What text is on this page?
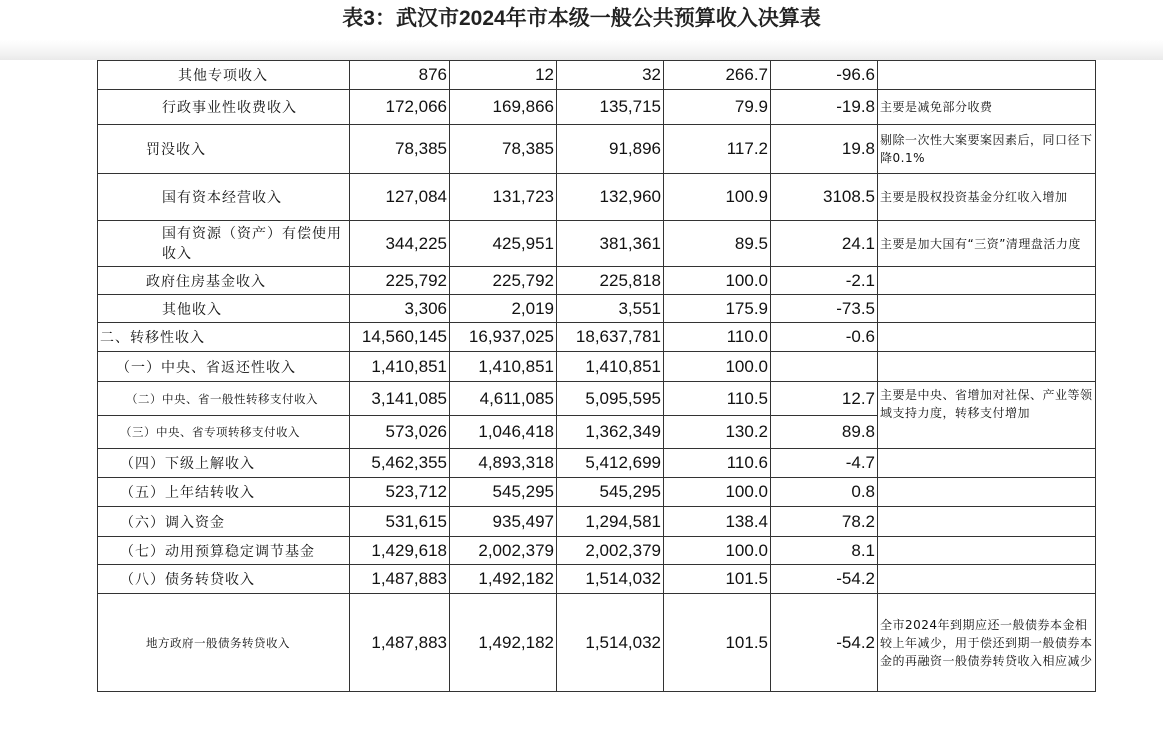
表3：武汉市2024年市本级一般公共预算收入决算表
其他专项收入	876	12	32	266.7	-96.6	
行政事业性收费收入	172,066	169,866	135,715	79.9	-19.8	主要是减免部分收费
罚没收入	78,385	78,385	91,896	117.2	19.8	剔除一次性大案要案因素后，同口径下降0.1%
国有资本经营收入	127,084	131,723	132,960	100.9	3108.5	主要是股权投资基金分红收入增加
国有资源（资产）有偿使用收入	344,225	425,951	381,361	89.5	24.1	主要是加大国有“三资”清理盘活力度
政府住房基金收入	225,792	225,792	225,818	100.0	-2.1	
其他收入	3,306	2,019	3,551	175.9	-73.5	
二、转移性收入	14,560,145	16,937,025	18,637,781	110.0	-0.6	
（一）中央、省返还性收入	1,410,851	1,410,851	1,410,851	100.0		
（二）中央、省一般性转移支付收入	3,141,085	4,611,085	5,095,595	110.5	12.7	主要是中央、省增加对社保、产业等领域支持力度，转移支付增加
（三）中央、省专项转移支付收入	573,026	1,046,418	1,362,349	130.2	89.8	
（四）下级上解收入	5,462,355	4,893,318	5,412,699	110.6	-4.7	
（五）上年结转收入	523,712	545,295	545,295	100.0	0.8	
（六）调入资金	531,615	935,497	1,294,581	138.4	78.2	
（七）动用预算稳定调节基金	1,429,618	2,002,379	2,002,379	100.0	8.1	
（八）债务转贷收入	1,487,883	1,492,182	1,514,032	101.5	-54.2	
地方政府一般债务转贷收入	1,487,883	1,492,182	1,514,032	101.5	-54.2	全市2024年到期应还一般债券本金相较上年减少，用于偿还到期一般债券本金的再融资一般债券转贷收入相应减少
